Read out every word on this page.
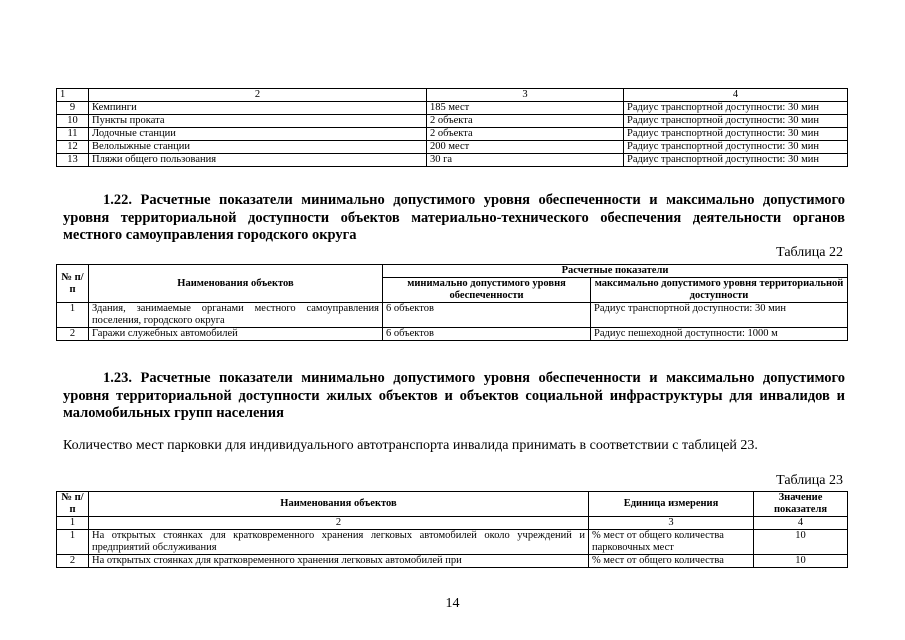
1	2	3	4
9	Кемпинги	185 мест	Радиус транспортной доступности: 30 мин
10	Пункты проката	2 объекта	Радиус транспортной доступности: 30 мин
11	Лодочные станции	2 объекта	Радиус транспортной доступности: 30 мин
12	Велолыжные станции	200 мест	Радиус транспортной доступности: 30 мин
13	Пляжи общего пользования	30 га	Радиус транспортной доступности: 30 мин

1.22. Расчетные показатели минимально допустимого уровня обеспеченности и максимально допустимого уровня территориальной доступности объектов материально-технического обеспечения деятельности органов местного самоуправления городского округа

Таблица 22
№ п/п	Наименования объектов	Расчетные показатели	
		минимально допустимого уровня обеспеченности	максимально допустимого уровня территориальной доступности
1	Здания, занимаемые органами местного самоуправления поселения, городского округа	6 объектов	Радиус транспортной доступности: 30 мин
2	Гаражи служебных автомобилей	6 объектов	Радиус пешеходной доступности: 1000 м

1.23. Расчетные показатели минимально допустимого уровня обеспеченности и максимально допустимого уровня территориальной доступности жилых объектов и объектов социальной инфраструктуры для инвалидов и маломобильных групп населения

Количество мест парковки для индивидуального автотранспорта инвалида принимать в соответствии с таблицей 23.
Таблица 23
№ п/п	Наименования объектов	Единица измерения	Значение показателя
1	2	3	4
1	На открытых стоянках для кратковременного хранения легковых автомобилей около учреждений и предприятий обслуживания	% мест от общего количества парковочных мест	10
2	На открытых стоянках для кратковременного хранения легковых автомобилей при	% мест от общего количества	10
14
